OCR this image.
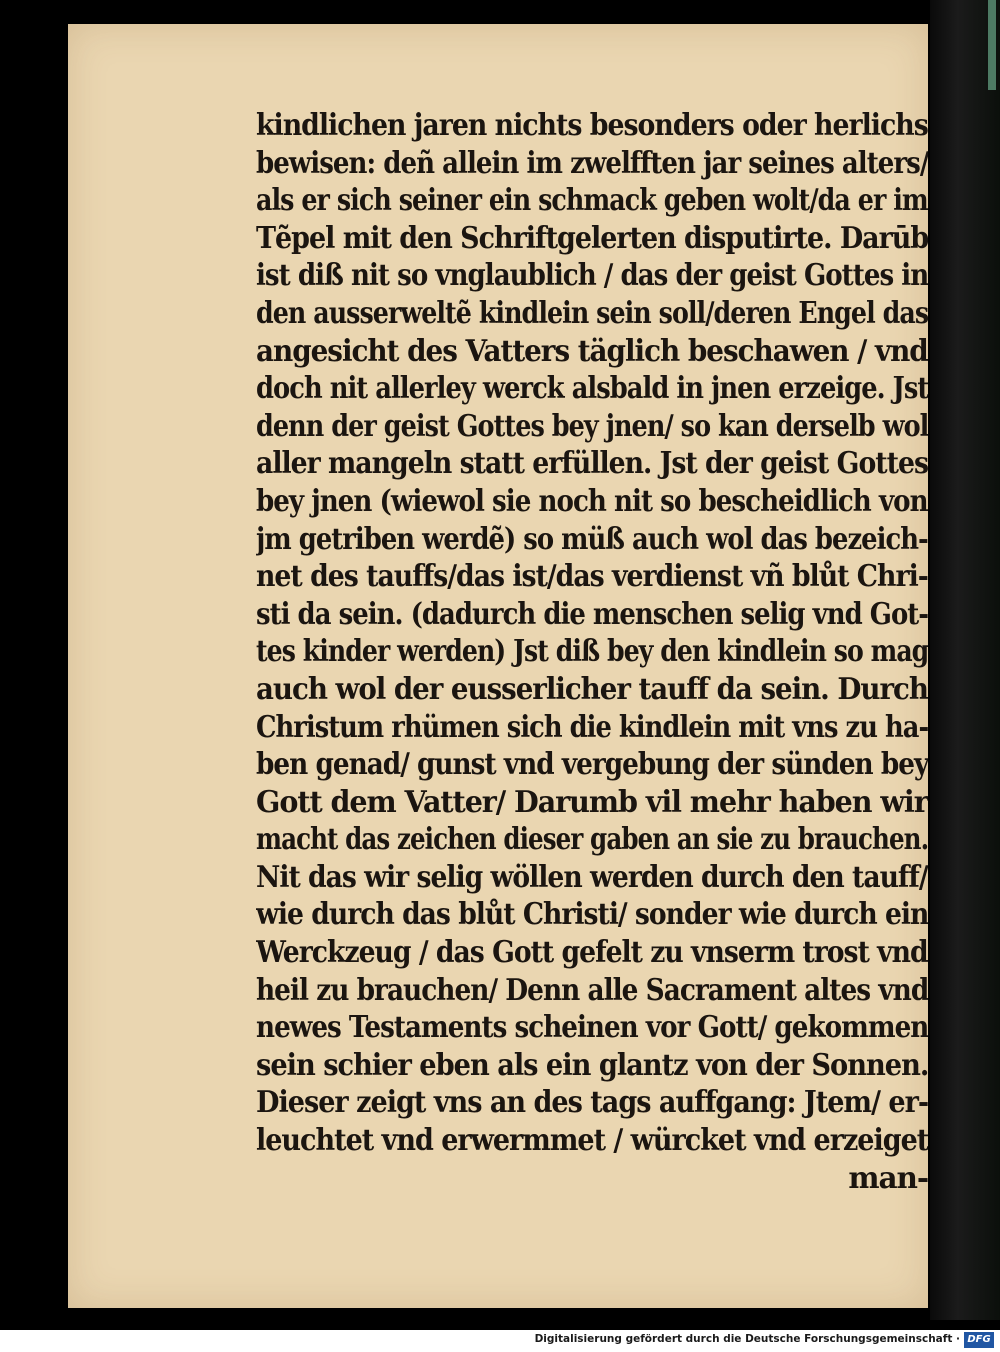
kindlichen jaren nichts besonders oder herlichs
bewisen: deñ allein im zwelfften jar seines alters/
als er sich seiner ein schmack geben wolt/da er im
Tẽpel mit den Schriftgelerten disputirte. Darūb
ist diß nit so vnglaublich / das der geist Gottes in
den ausserweltẽ kindlein sein soll/deren Engel das
angesicht des Vatters täglich beschawen / vnd
doch nit allerley werck alsbald in jnen erzeige. Jst
denn der geist Gottes bey jnen/ so kan derselb wol
aller mangeln statt erfüllen. Jst der geist Gottes
bey jnen (wiewol sie noch nit so bescheidlich von
jm getriben werdẽ) so müß auch wol das bezeich-
net des tauffs/das ist/das verdienst vñ blůt Chri-
sti da sein. (dadurch die menschen selig vnd Got-
tes kinder werden) Jst diß bey den kindlein so mag
auch wol der eusserlicher tauff da sein. Durch
Christum rhümen sich die kindlein mit vns zu ha-
ben genad/ gunst vnd vergebung der sünden bey
Gott dem Vatter/ Darumb vil mehr haben wir
macht das zeichen dieser gaben an sie zu brauchen.
Nit das wir selig wöllen werden durch den tauff/
wie durch das blůt Christi/ sonder wie durch ein
Werckzeug / das Gott gefelt zu vnserm trost vnd
heil zu brauchen/ Denn alle Sacrament altes vnd
newes Testaments scheinen vor Gott/ gekommen
sein schier eben als ein glantz von der Sonnen.
Dieser zeigt vns an des tags auffgang: Jtem/ er-
leuchtet vnd erwermmet / würcket vnd erzeiget
man-
Digitalisierung gefördert durch die Deutsche Forschungsgemeinschaft · DFG
